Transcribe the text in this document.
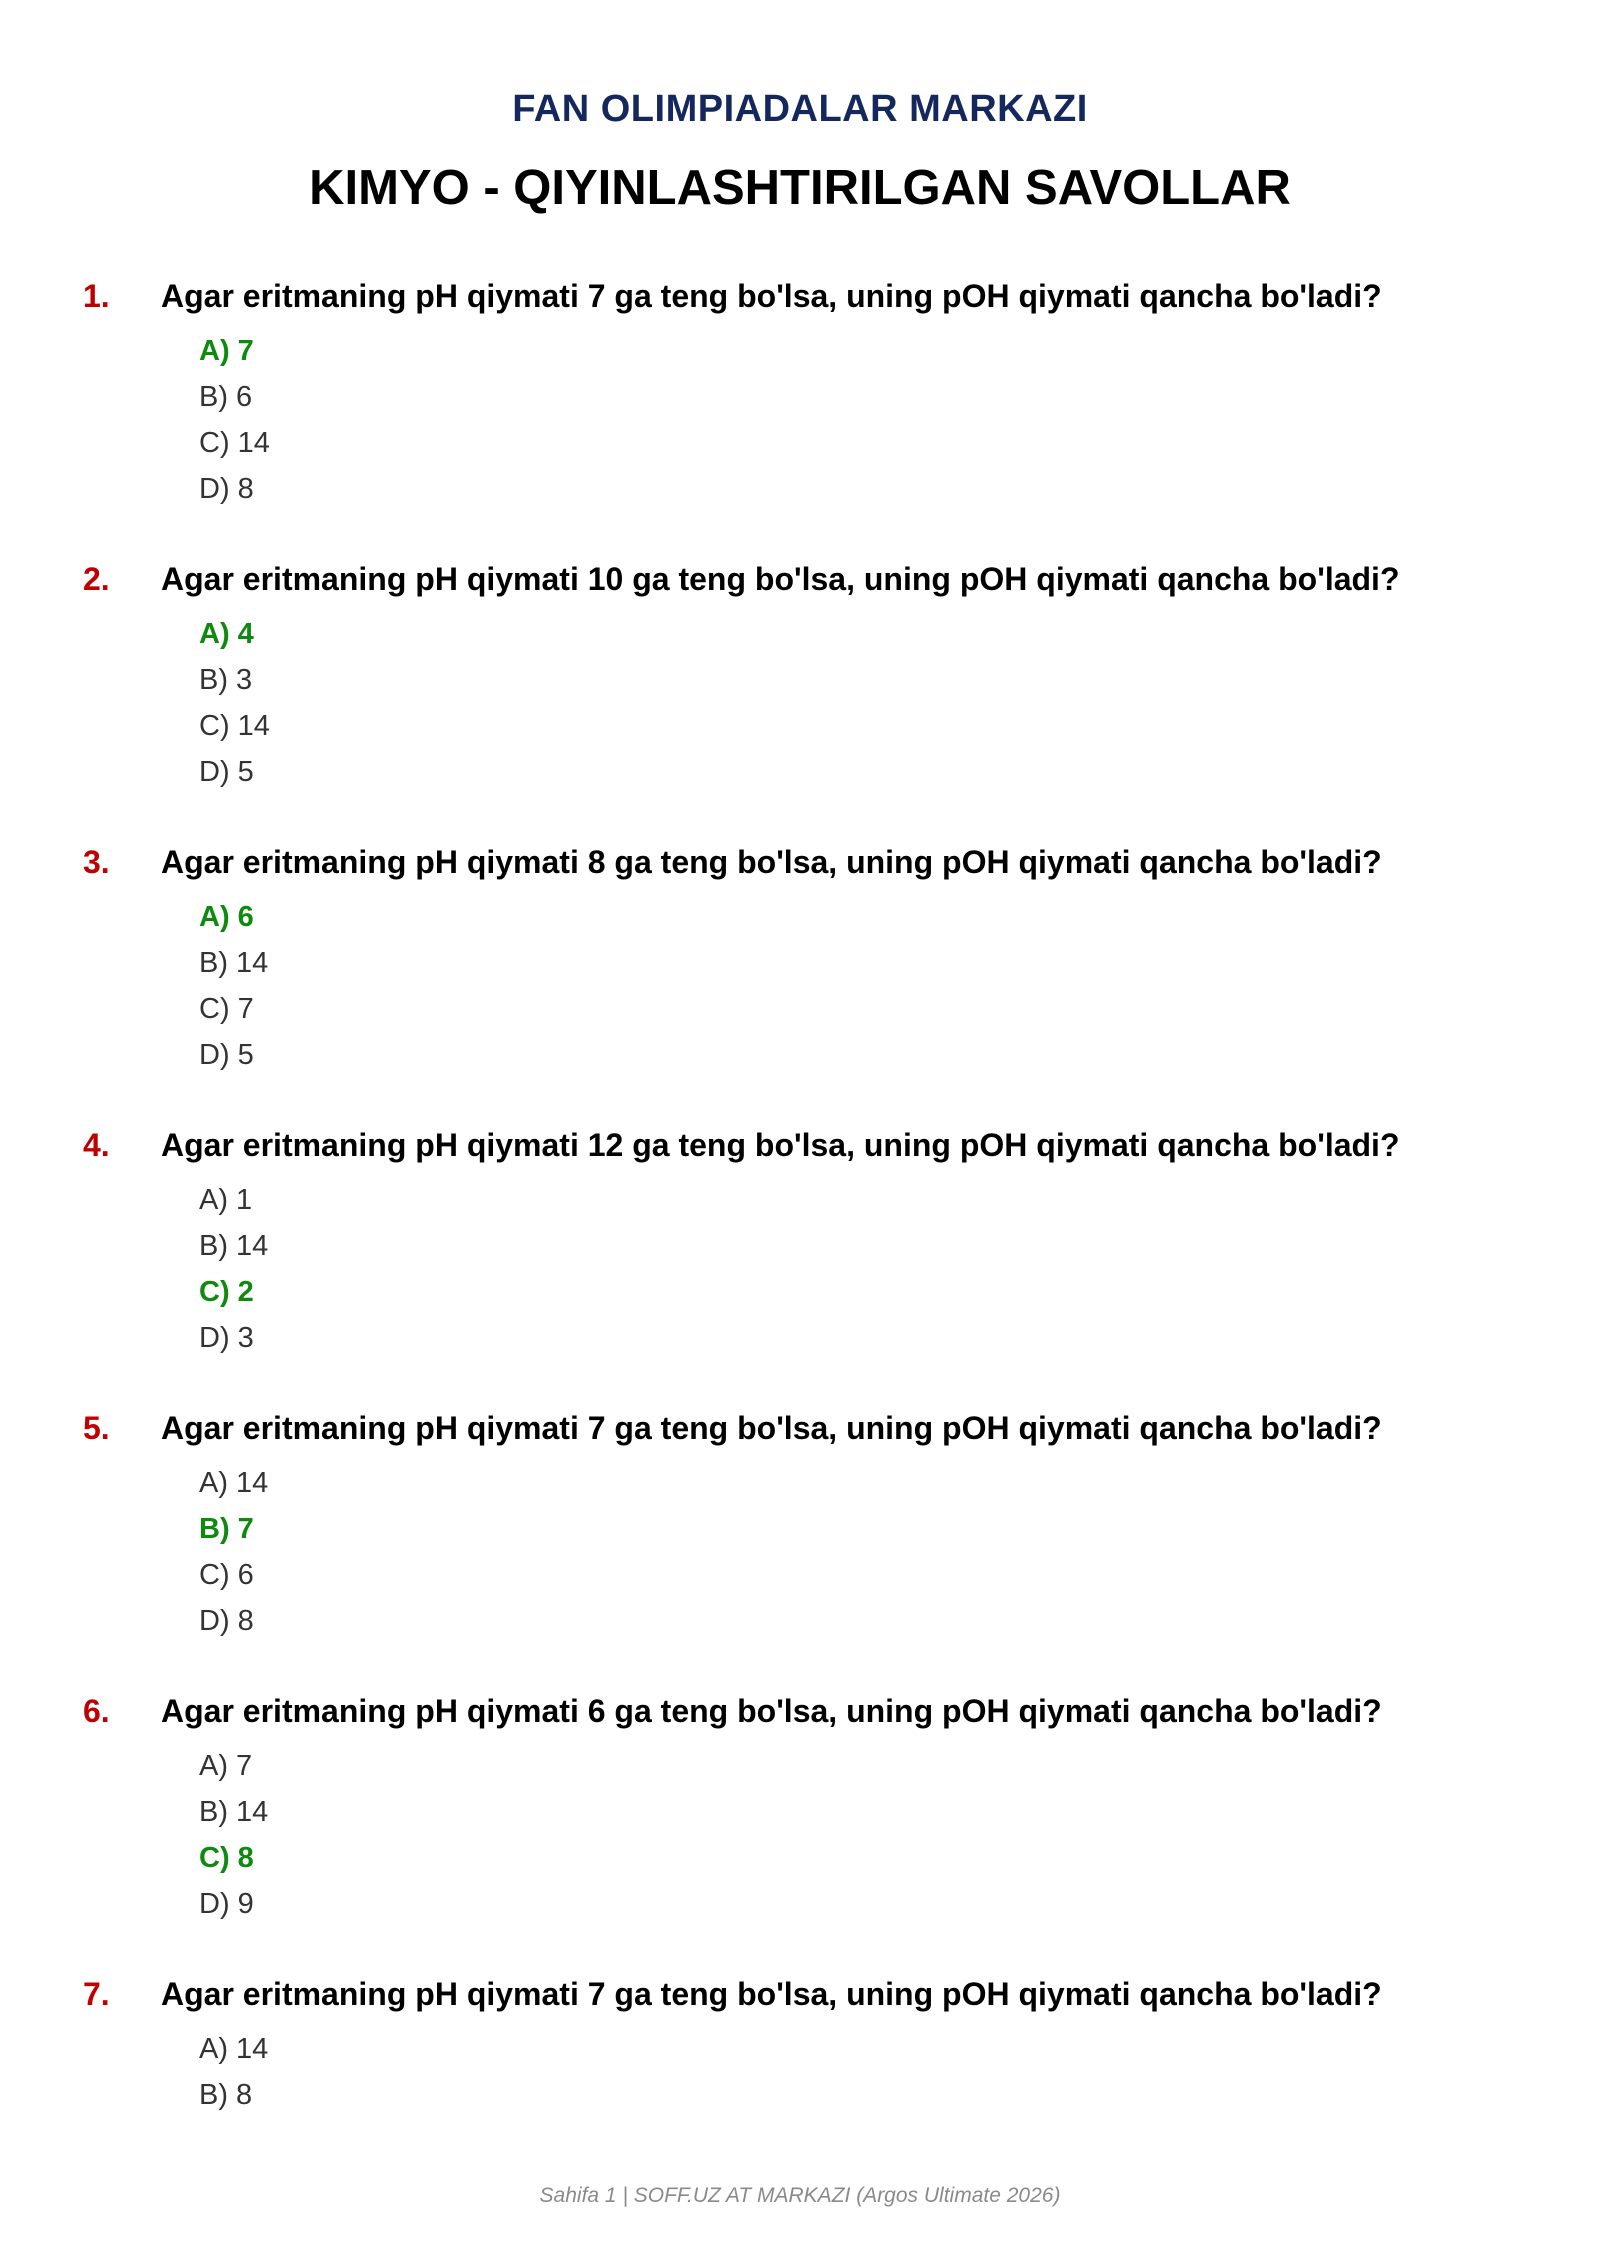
FAN OLIMPIADALAR MARKAZI
KIMYO - QIYINLASHTIRILGAN SAVOLLAR
1. Agar eritmaning pH qiymati 7 ga teng bo'lsa, uning pOH qiymati qancha bo'ladi?
A) 7
B) 6
C) 14
D) 8
2. Agar eritmaning pH qiymati 10 ga teng bo'lsa, uning pOH qiymati qancha bo'ladi?
A) 4
B) 3
C) 14
D) 5
3. Agar eritmaning pH qiymati 8 ga teng bo'lsa, uning pOH qiymati qancha bo'ladi?
A) 6
B) 14
C) 7
D) 5
4. Agar eritmaning pH qiymati 12 ga teng bo'lsa, uning pOH qiymati qancha bo'ladi?
A) 1
B) 14
C) 2
D) 3
5. Agar eritmaning pH qiymati 7 ga teng bo'lsa, uning pOH qiymati qancha bo'ladi?
A) 14
B) 7
C) 6
D) 8
6. Agar eritmaning pH qiymati 6 ga teng bo'lsa, uning pOH qiymati qancha bo'ladi?
A) 7
B) 14
C) 8
D) 9
7. Agar eritmaning pH qiymati 7 ga teng bo'lsa, uning pOH qiymati qancha bo'ladi?
A) 14
B) 8
Sahifa 1 | SOFF.UZ AT MARKAZI (Argos Ultimate 2026)
